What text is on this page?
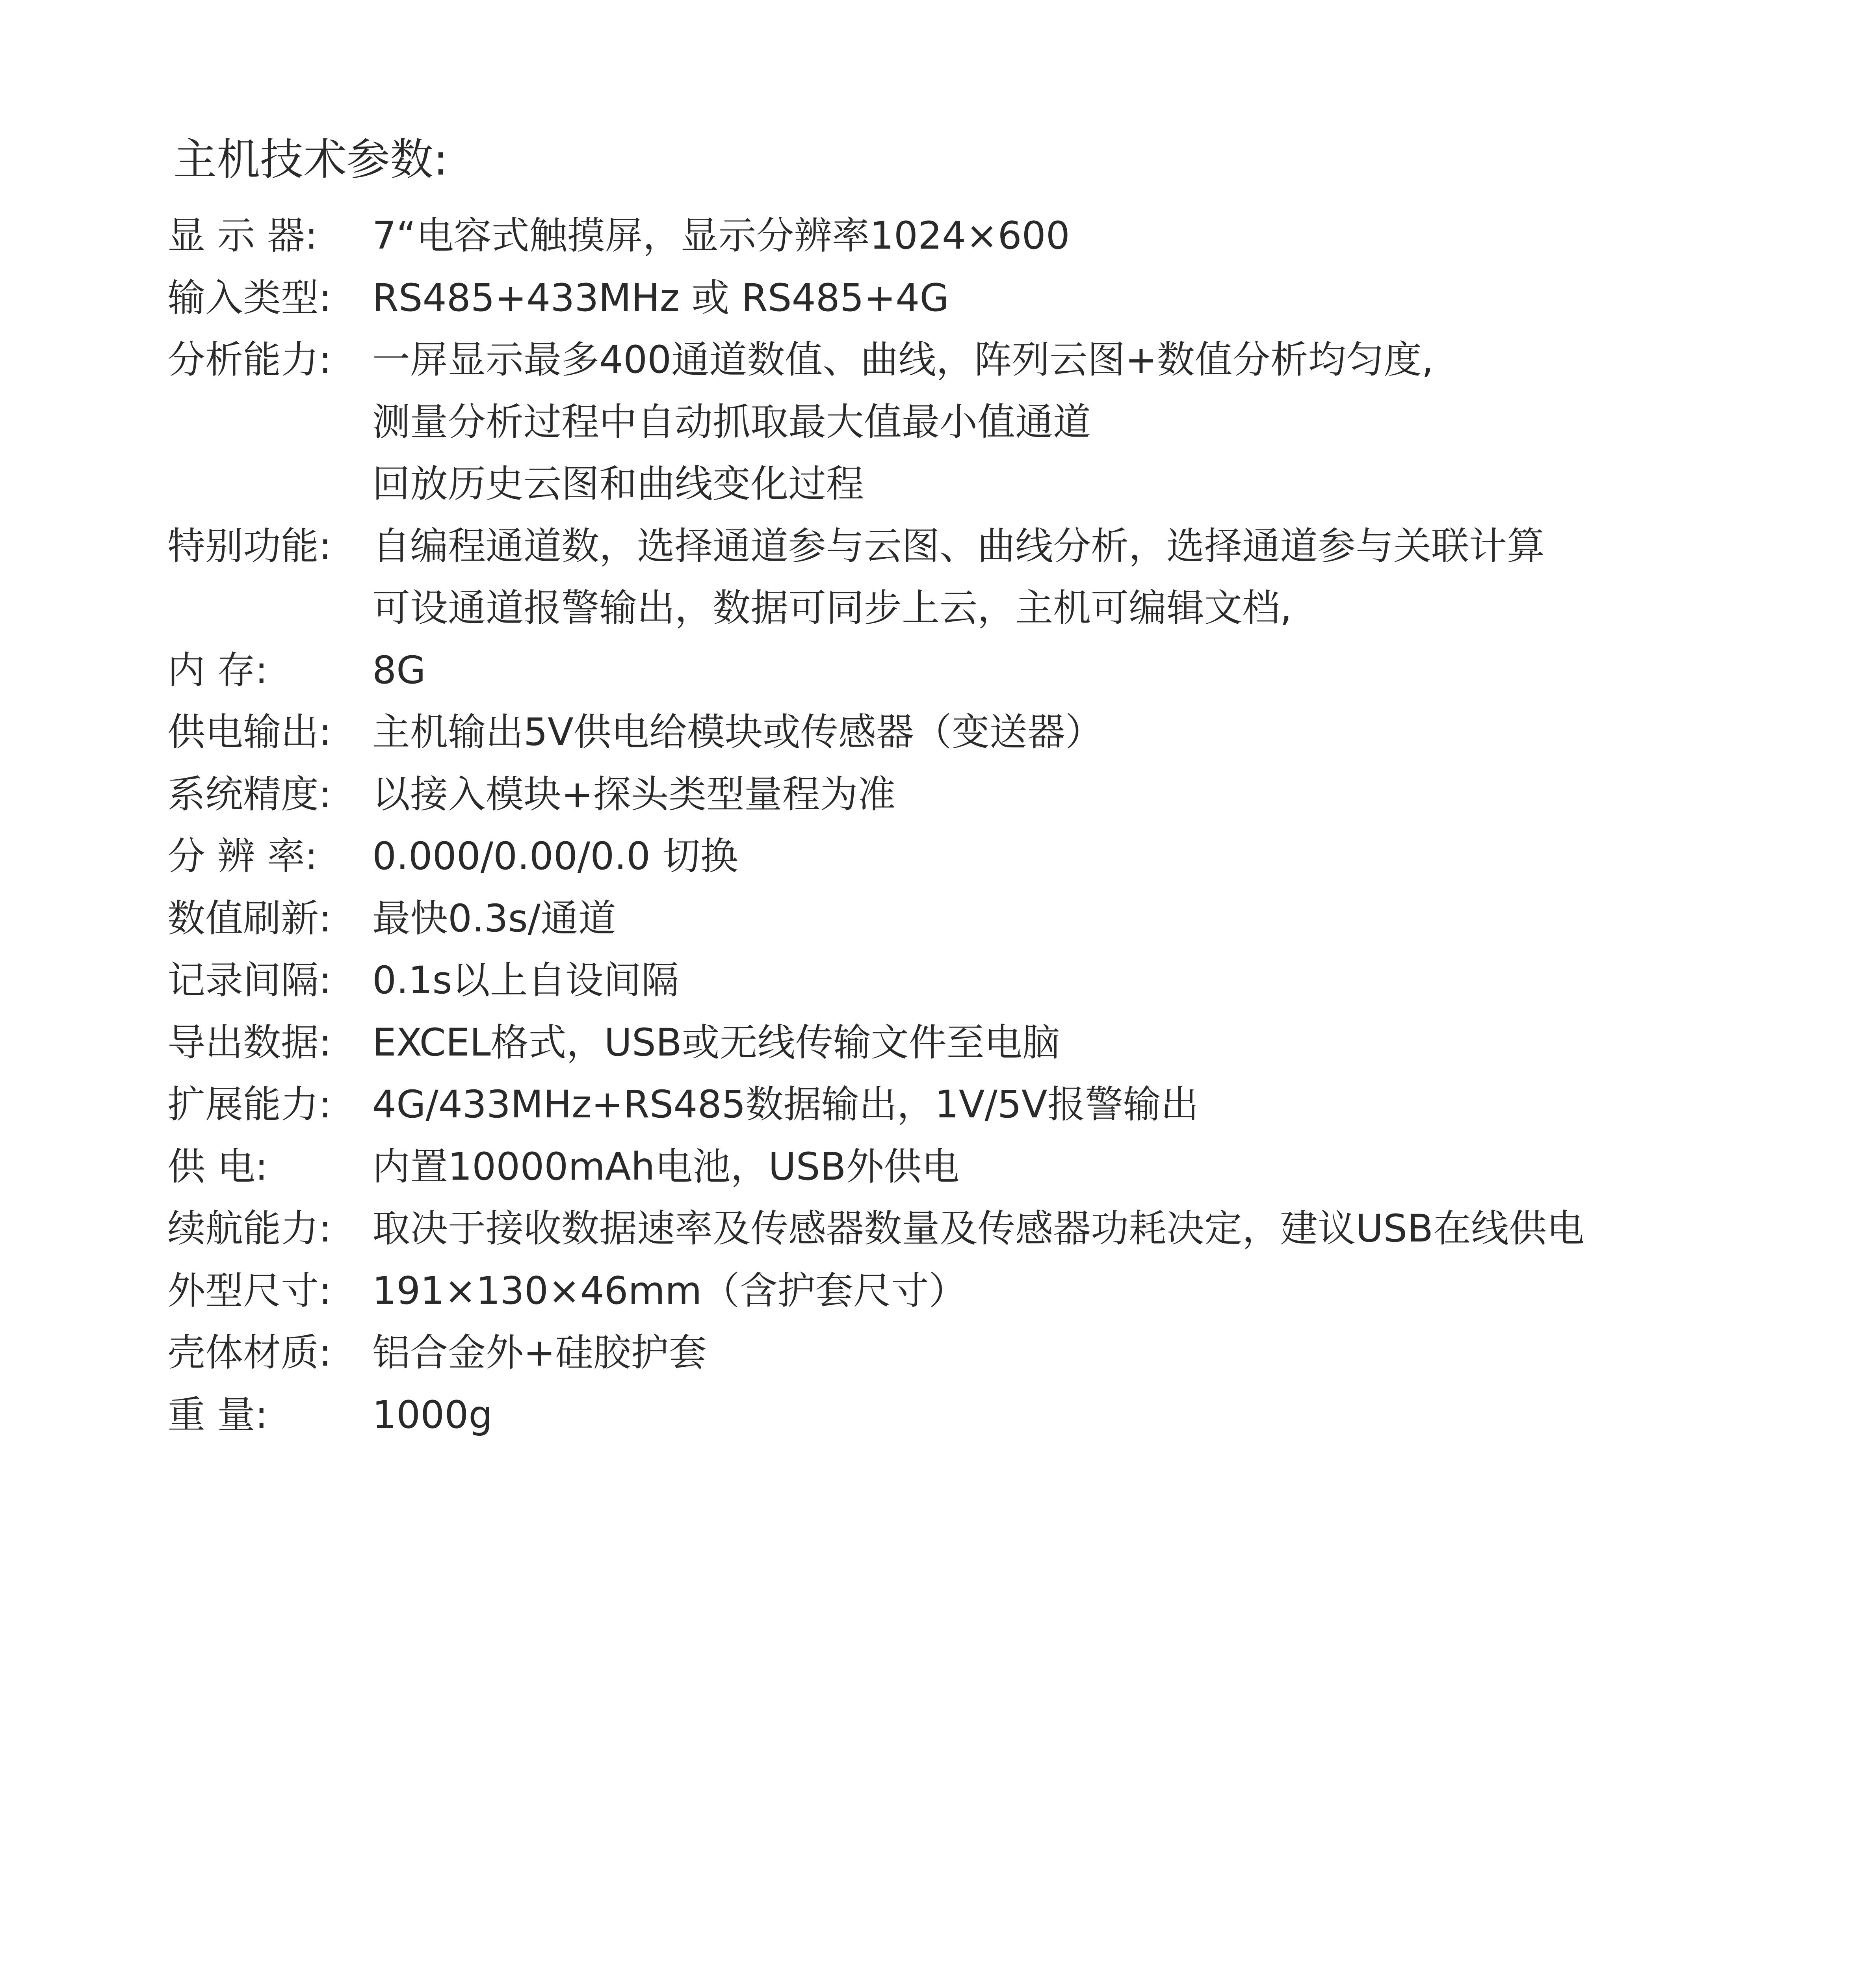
主机技术参数:
显 示 器:	7“电容式触摸屏，显示分辨率1024×600
输入类型:	RS485+433MHz 或 RS485+4G
分析能力:	一屏显示最多400通道数值、曲线，阵列云图+数值分析均匀度,
测量分析过程中自动抓取最大值最小值通道
回放历史云图和曲线变化过程
特别功能:	自编程通道数，选择通道参与云图、曲线分析，选择通道参与关联计算
可设通道报警输出，数据可同步上云，主机可编辑文档,
内 存:	8G
供电输出:	主机输出5V供电给模块或传感器（变送器）
系统精度:	以接入模块+探头类型量程为准
分 辨 率:	0.000/0.00/0.0 切换
数值刷新:	最快0.3s/通道
记录间隔:	0.1s以上自设间隔
导出数据:	EXCEL格式，USB或无线传输文件至电脑
扩展能力:	4G/433MHz+RS485数据输出，1V/5V报警输出
供 电:	内置10000mAh电池，USB外供电
续航能力:	取决于接收数据速率及传感器数量及传感器功耗决定，建议USB在线供电
外型尺寸:	191×130×46mm（含护套尺寸）
壳体材质:	铝合金外+硅胶护套
重 量:	1000g
